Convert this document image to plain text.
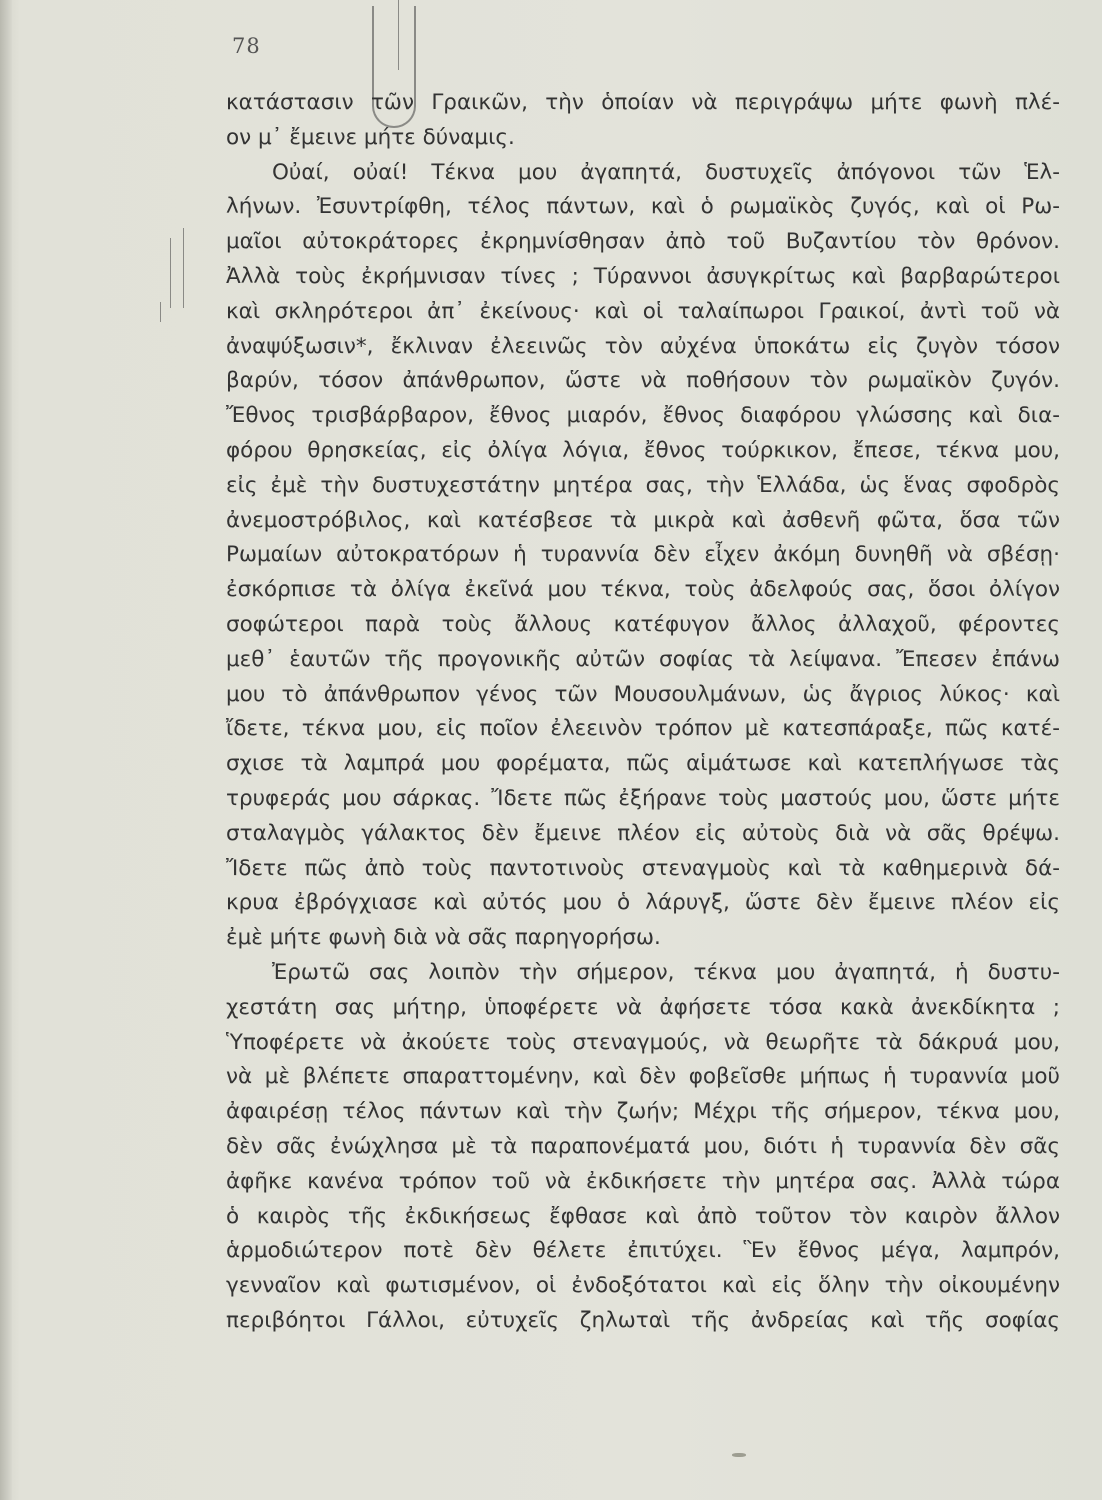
78
κατάστασιν τῶν Γραικῶν, τὴν ὁποίαν νὰ περιγράψω μήτε φωνὴ πλέ-
ον μ᾽ ἔμεινε μήτε δύναμις.
Οὐαί, οὐαί! Τέκνα μου ἀγαπητά, δυστυχεῖς ἀπόγονοι τῶν Ἑλ-
λήνων. Ἐσυντρίφθη, τέλος πάντων, καὶ ὁ ρωμαϊκὸς ζυγός, καὶ οἱ Ρω-
μαῖοι αὐτοκράτορες ἐκρημνίσθησαν ἀπὸ τοῦ Βυζαντίου τὸν θρόνον.
Ἀλλὰ τοὺς ἐκρήμνισαν τίνες ; Τύραννοι ἀσυγκρίτως καὶ βαρβαρώτεροι
καὶ σκληρότεροι ἀπ᾽ ἐκείνους· καὶ οἱ ταλαίπωροι Γραικοί, ἀντὶ τοῦ νὰ
ἀναψύξωσιν*, ἔκλιναν ἐλεεινῶς τὸν αὐχένα ὑποκάτω εἰς ζυγὸν τόσον
βαρύν, τόσον ἀπάνθρωπον, ὥστε νὰ ποθήσουν τὸν ρωμαϊκὸν ζυγόν.
Ἔθνος τρισβάρβαρον, ἔθνος μιαρόν, ἔθνος διαφόρου γλώσσης καὶ δια-
φόρου θρησκείας, εἰς ὀλίγα λόγια, ἔθνος τούρκικον, ἔπεσε, τέκνα μου,
εἰς ἐμὲ τὴν δυστυχεστάτην μητέρα σας, τὴν Ἑλλάδα, ὡς ἕνας σφοδρὸς
ἀνεμοστρόβιλος, καὶ κατέσβεσε τὰ μικρὰ καὶ ἀσθενῆ φῶτα, ὅσα τῶν
Ρωμαίων αὐτοκρατόρων ἡ τυραννία δὲν εἶχεν ἀκόμη δυνηθῆ νὰ σβέσῃ·
ἐσκόρπισε τὰ ὀλίγα ἐκεῖνά μου τέκνα, τοὺς ἀδελφούς σας, ὅσοι ὀλίγον
σοφώτεροι παρὰ τοὺς ἄλλους κατέφυγον ἄλλος ἀλλαχοῦ, φέροντες
μεθ᾽ ἑαυτῶν τῆς προγονικῆς αὐτῶν σοφίας τὰ λείψανα. Ἔπεσεν ἐπάνω
μου τὸ ἀπάνθρωπον γένος τῶν Μουσουλμάνων, ὡς ἄγριος λύκος· καὶ
ἴδετε, τέκνα μου, εἰς ποῖον ἐλεεινὸν τρόπον μὲ κατεσπάραξε, πῶς κατέ-
σχισε τὰ λαμπρά μου φορέματα, πῶς αἱμάτωσε καὶ κατεπλήγωσε τὰς
τρυφεράς μου σάρκας. Ἴδετε πῶς ἐξήρανε τοὺς μαστούς μου, ὥστε μήτε
σταλαγμὸς γάλακτος δὲν ἔμεινε πλέον εἰς αὐτοὺς διὰ νὰ σᾶς θρέψω.
Ἴδετε πῶς ἀπὸ τοὺς παντοτινοὺς στεναγμοὺς καὶ τὰ καθημερινὰ δά-
κρυα ἐβρόγχιασε καὶ αὐτός μου ὁ λάρυγξ, ὥστε δὲν ἔμεινε πλέον εἰς
ἐμὲ μήτε φωνὴ διὰ νὰ σᾶς παρηγορήσω.
Ἐρωτῶ σας λοιπὸν τὴν σήμερον, τέκνα μου ἀγαπητά, ἡ δυστυ-
χεστάτη σας μήτηρ, ὑποφέρετε νὰ ἀφήσετε τόσα κακὰ ἀνεκδίκητα ;
Ὑποφέρετε νὰ ἀκούετε τοὺς στεναγμούς, νὰ θεωρῆτε τὰ δάκρυά μου,
νὰ μὲ βλέπετε σπαραττομένην, καὶ δὲν φοβεῖσθε μήπως ἡ τυραννία μοῦ
ἀφαιρέσῃ τέλος πάντων καὶ τὴν ζωήν; Μέχρι τῆς σήμερον, τέκνα μου,
δὲν σᾶς ἐνώχλησα μὲ τὰ παραπονέματά μου, διότι ἡ τυραννία δὲν σᾶς
ἀφῆκε κανένα τρόπον τοῦ νὰ ἐκδικήσετε τὴν μητέρα σας. Ἀλλὰ τώρα
ὁ καιρὸς τῆς ἐκδικήσεως ἔφθασε καὶ ἀπὸ τοῦτον τὸν καιρὸν ἄλλον
ἁρμοδιώτερον ποτὲ δὲν θέλετε ἐπιτύχει. Ἓν ἔθνος μέγα, λαμπρόν,
γενναῖον καὶ φωτισμένον, οἱ ἐνδοξότατοι καὶ εἰς ὅλην τὴν οἰκουμένην
περιβόητοι Γάλλοι, εὐτυχεῖς ζηλωταὶ τῆς ἀνδρείας καὶ τῆς σοφίας
